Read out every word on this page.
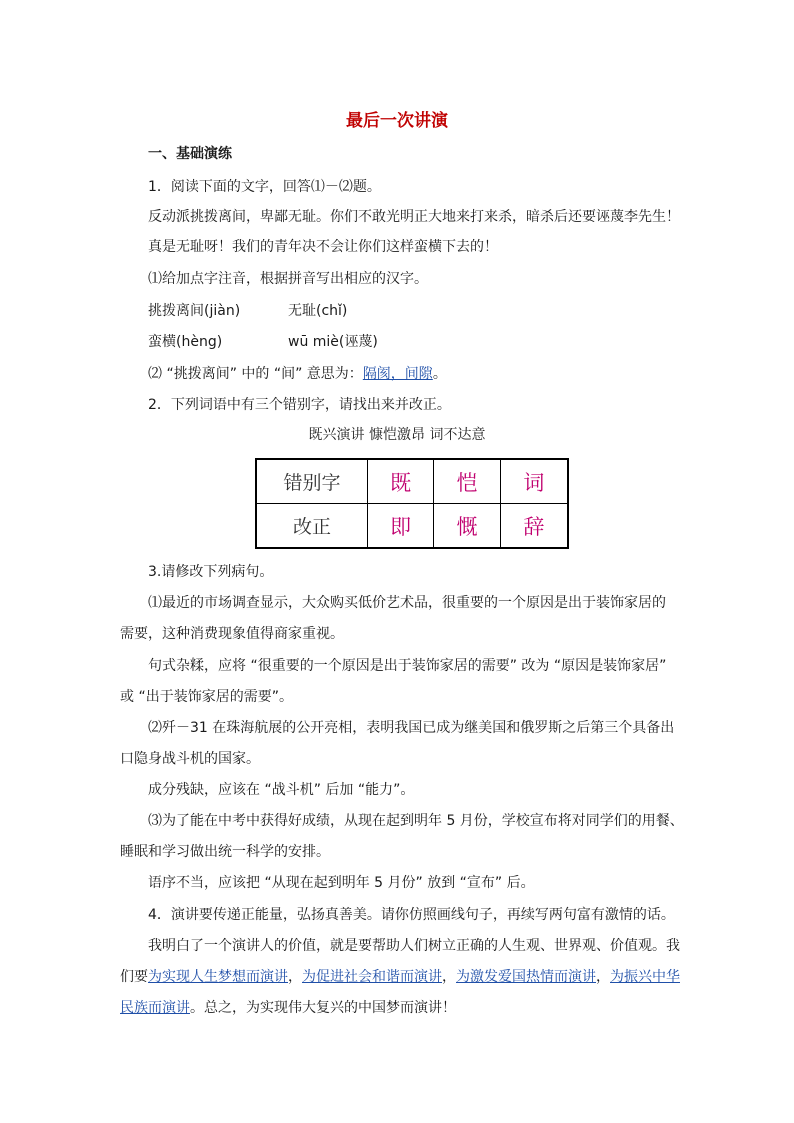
最后一次讲演
一、基础演练
1．阅读下面的文字，回答⑴－⑵题。
反动派挑拨离间，卑鄙无耻。你们不敢光明正大地来打来杀，暗杀后还要诬蔑李先生！
真是无耻呀！我们的青年决不会让你们这样蛮横下去的！
⑴给加点字注音，根据拼音写出相应的汉字。
挑拨离间(jiàn)	无耻(chǐ)
蛮横(hèng)	wū miè(诬蔑)
⑵ “挑拨离间” 中的 “间” 意思为：隔阂，间隙。
2．下列词语中有三个错别字，请找出来并改正。
既兴演讲 慷恺激昂 词不达意
错别字	既	恺	词
改正	即	慨	辞
3.请修改下列病句。
⑴最近的市场调查显示，大众购买低价艺术品，很重要的一个原因是出于装饰家居的
需要，这种消费现象值得商家重视。
句式杂糅，应将 “很重要的一个原因是出于装饰家居的需要” 改为 “原因是装饰家居”
或 “出于装饰家居的需要”。
⑵歼－31 在珠海航展的公开亮相，表明我国已成为继美国和俄罗斯之后第三个具备出
口隐身战斗机的国家。
成分残缺，应该在 “战斗机” 后加 “能力”。
⑶为了能在中考中获得好成绩，从现在起到明年 5 月份，学校宣布将对同学们的用餐、
睡眠和学习做出统一科学的安排。
语序不当，应该把 “从现在起到明年 5 月份” 放到 “宣布” 后。
4．演讲要传递正能量，弘扬真善美。请你仿照画线句子，再续写两句富有激情的话。
我明白了一个演讲人的价值，就是要帮助人们树立正确的人生观、世界观、价值观。我
们要为实现人生梦想而演讲，为促进社会和谐而演讲，为激发爱国热情而演讲，为振兴中华
民族而演讲。总之，为实现伟大复兴的中国梦而演讲！
